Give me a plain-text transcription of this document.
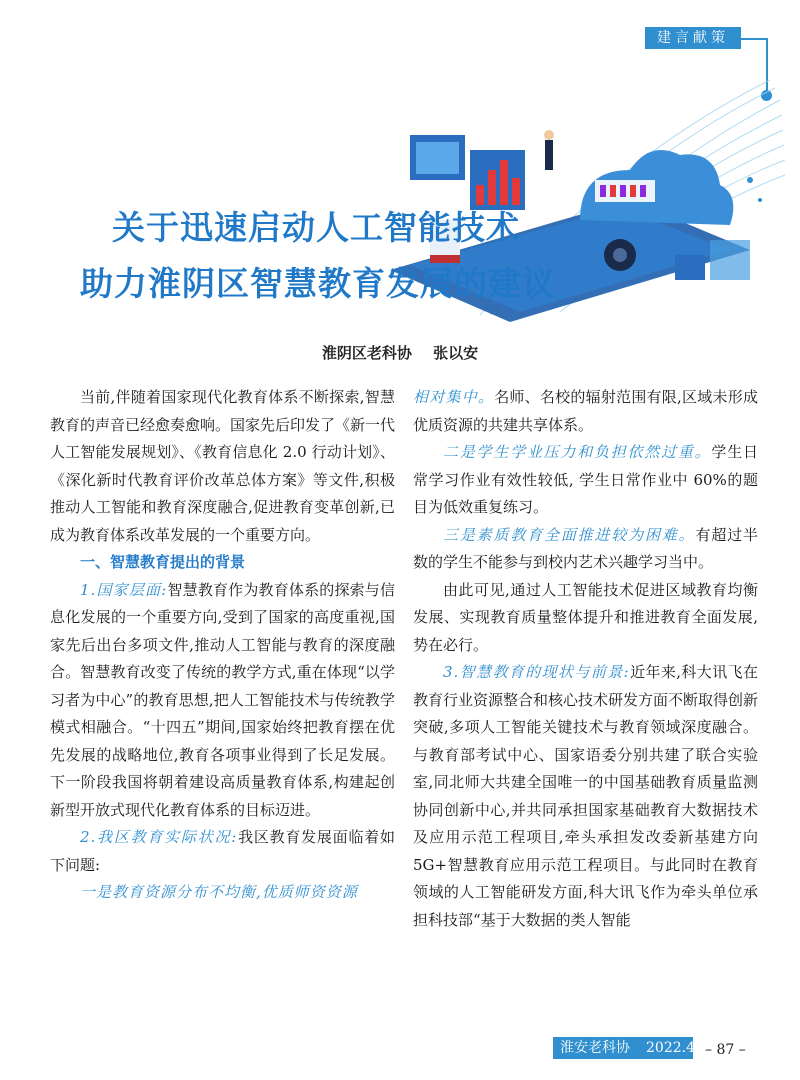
建言献策
关于迅速启动人工智能技术
助力淮阴区智慧教育发展的建议
淮阴区老科协 张以安

当前,伴随着国家现代化教育体系不断探索,智慧教育的声音已经愈奏愈响。国家先后印发了《新一代人工智能发展规划》、《教育信息化 2.0 行动计划》、《深化新时代教育评价改革总体方案》等文件,积极推动人工智能和教育深度融合,促进教育变革创新,已成为教育体系改革发展的一个重要方向。

一、智慧教育提出的背景

1.国家层面:智慧教育作为教育体系的探索与信息化发展的一个重要方向,受到了国家的高度重视,国家先后出台多项文件,推动人工智能与教育的深度融合。智慧教育改变了传统的教学方式,重在体现“以学习者为中心”的教育思想,把人工智能技术与传统教学模式相融合。“十四五”期间,国家始终把教育摆在优先发展的战略地位,教育各项事业得到了长足发展。下一阶段我国将朝着建设高质量教育体系,构建起创新型开放式现代化教育体系的目标迈进。

2.我区教育实际状况:我区教育发展面临着如下问题:

一是教育资源分布不均衡,优质师资资源

相对集中。名师、名校的辐射范围有限,区域未形成优质资源的共建共享体系。

二是学生学业压力和负担依然过重。学生日常学习作业有效性较低, 学生日常作业中 60%的题目为低效重复练习。

三是素质教育全面推进较为困难。有超过半数的学生不能参与到校内艺术兴趣学习当中。

由此可见,通过人工智能技术促进区域教育均衡发展、实现教育质量整体提升和推进教育全面发展,势在必行。

3.智慧教育的现状与前景:近年来,科大讯飞在教育行业资源整合和核心技术研发方面不断取得创新突破,多项人工智能关键技术与教育领域深度融合。与教育部考试中心、国家语委分别共建了联合实验室,同北师大共建全国唯一的中国基础教育质量监测协同创新中心,并共同承担国家基础教育大数据技术及应用示范工程项目,牵头承担发改委新基建方向 5G+智慧教育应用示范工程项目。与此同时在教育领域的人工智能研发方面,科大讯飞作为牵头单位承担科技部“基于大数据的类人智能

淮安老科协 2022.4 – 87 –
